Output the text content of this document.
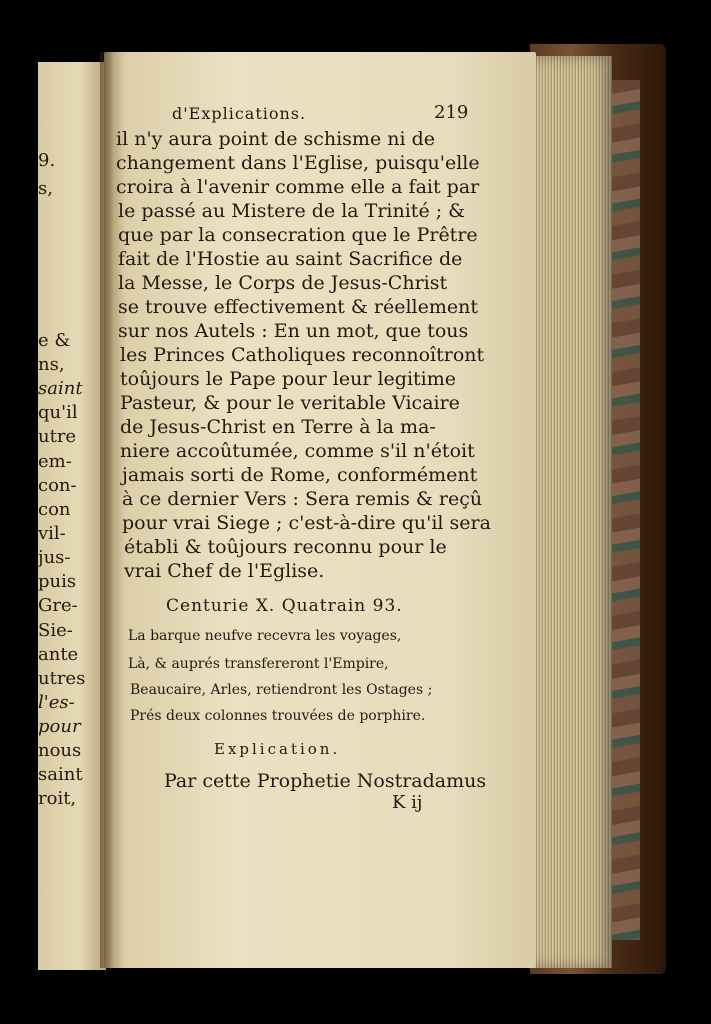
9.
s,
e &
ns,
saint
qu'il
utre
em-
con-
con
vil-
jus-
puis
Gre-
Sie-
ante
utres
l'es-
pour
nous
saint
roit,
d'Explications.	219
il n'y aura point de schisme ni de
changement dans l'Eglise, puisqu'elle
croira à l'avenir comme elle a fait par
le passé au Mistere de la Trinité ; &
que par la consecration que le Prêtre
fait de l'Hostie au saint Sacrifice de
la Messe, le Corps de Jesus-Christ
se trouve effectivement & réellement
sur nos Autels : En un mot, que tous
les Princes Catholiques reconnoîtront
toûjours le Pape pour leur legitime
Pasteur, & pour le veritable Vicaire
de Jesus-Christ en Terre à la ma-
niere accoûtumée, comme s'il n'étoit
jamais sorti de Rome, conformément
à ce dernier Vers : Sera remis & reçû
pour vrai Siege ; c'est-à-dire qu'il sera
établi & toûjours reconnu pour le
vrai Chef de l'Eglise.
Centurie X. Quatrain 93.
La barque neufve recevra les voyages,
Là, & auprés transfereront l'Empire,
Beaucaire, Arles, retiendront les Ostages ;
Prés deux colonnes trouvées de porphire.
Explication.
Par cette Prophetie Nostradamus
K ij
